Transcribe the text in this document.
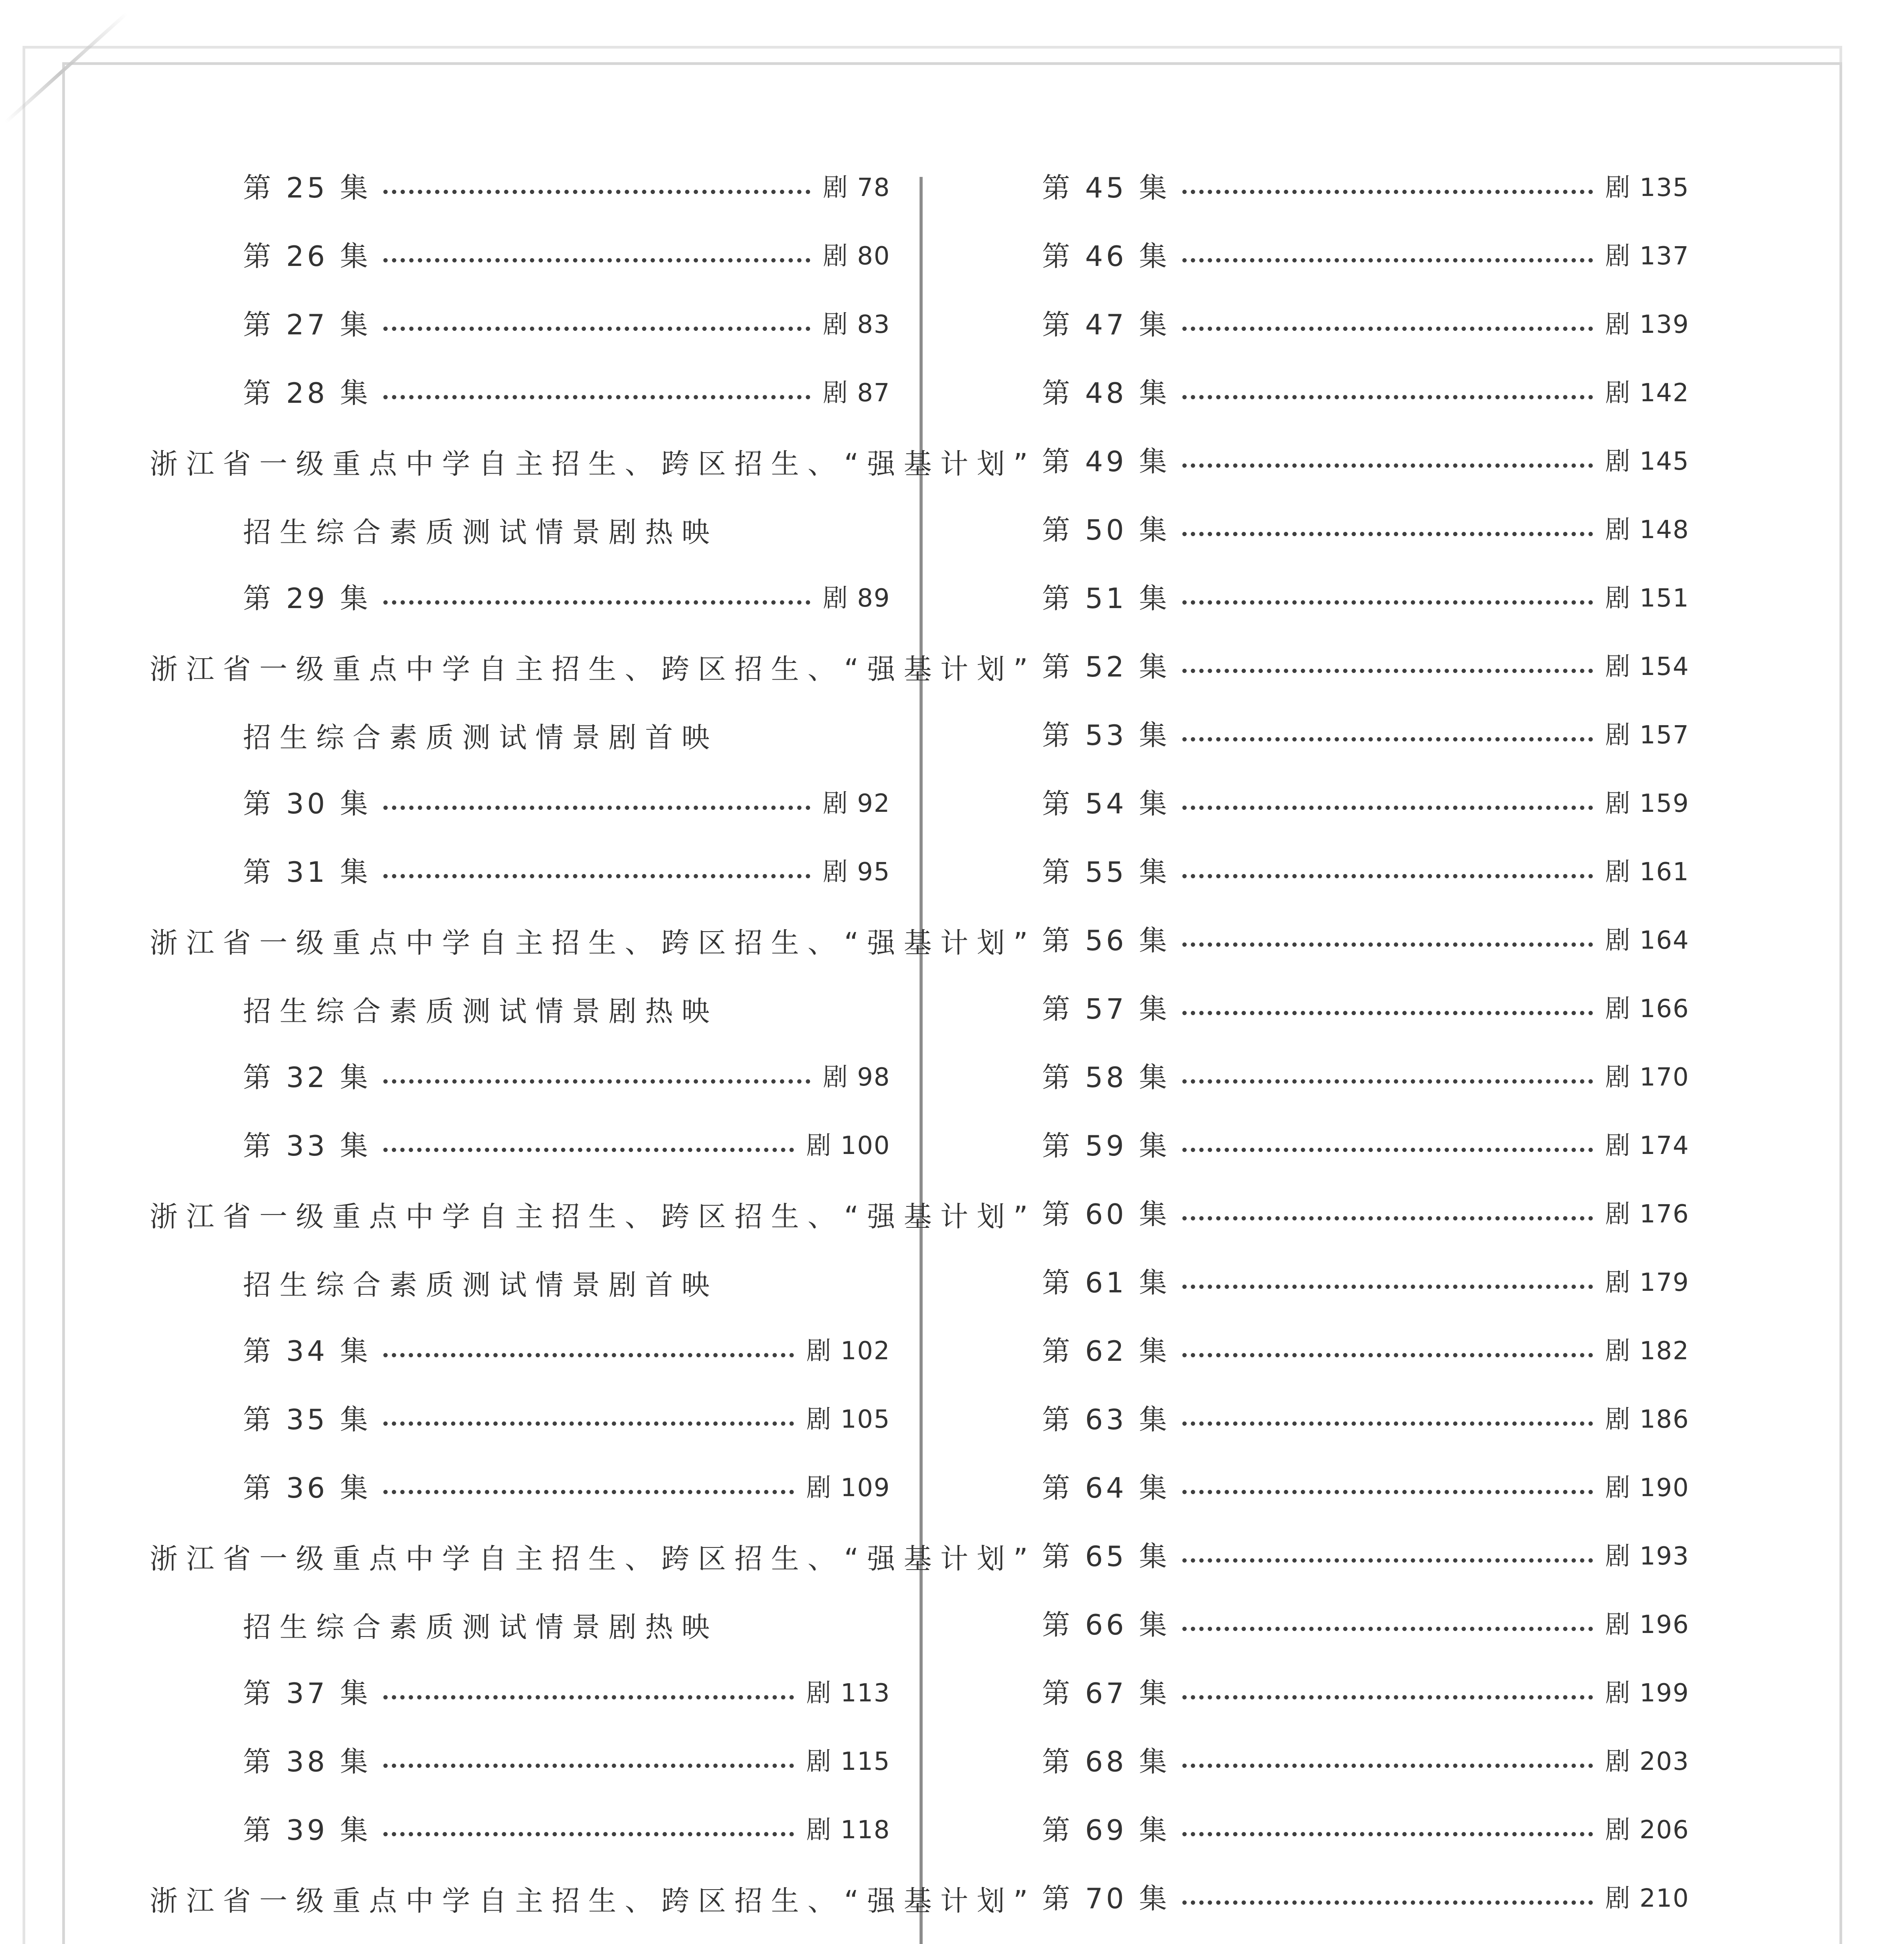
第 25 集	剧 78
第 26 集	剧 80
第 27 集	剧 83
第 28 集	剧 87
浙江省一级重点中学自主招生、跨区招生、“强基计划”
招生综合素质测试情景剧热映
第 29 集	剧 89
浙江省一级重点中学自主招生、跨区招生、“强基计划”
招生综合素质测试情景剧首映
第 30 集	剧 92
第 31 集	剧 95
浙江省一级重点中学自主招生、跨区招生、“强基计划”
招生综合素质测试情景剧热映
第 32 集	剧 98
第 33 集	剧 100
浙江省一级重点中学自主招生、跨区招生、“强基计划”
招生综合素质测试情景剧首映
第 34 集	剧 102
第 35 集	剧 105
第 36 集	剧 109
浙江省一级重点中学自主招生、跨区招生、“强基计划”
招生综合素质测试情景剧热映
第 37 集	剧 113
第 38 集	剧 115
第 39 集	剧 118
浙江省一级重点中学自主招生、跨区招生、“强基计划”
第 45 集	剧 135
第 46 集	剧 137
第 47 集	剧 139
第 48 集	剧 142
第 49 集	剧 145
第 50 集	剧 148
第 51 集	剧 151
第 52 集	剧 154
第 53 集	剧 157
第 54 集	剧 159
第 55 集	剧 161
第 56 集	剧 164
第 57 集	剧 166
第 58 集	剧 170
第 59 集	剧 174
第 60 集	剧 176
第 61 集	剧 179
第 62 集	剧 182
第 63 集	剧 186
第 64 集	剧 190
第 65 集	剧 193
第 66 集	剧 196
第 67 集	剧 199
第 68 集	剧 203
第 69 集	剧 206
第 70 集	剧 210
